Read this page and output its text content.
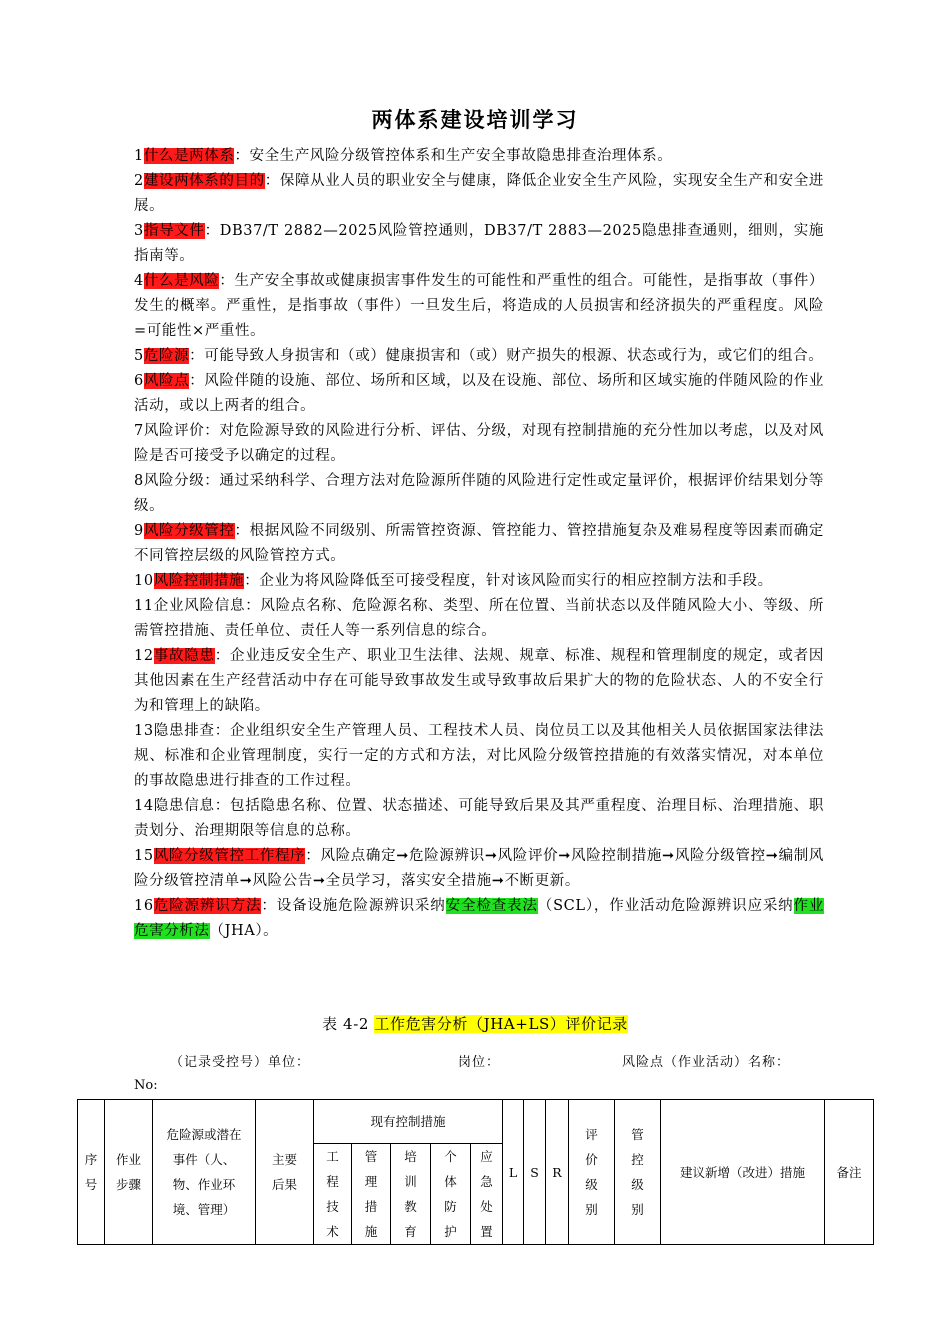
两体系建设培训学习
1什么是两体系：安全生产风险分级管控体系和生产安全事故隐患排查治理体系。
2建设两体系的目的：保障从业人员的职业安全与健康，降低企业安全生产风险，实现安全生产和安全进展。
3指导文件：DB37/T 2882—2025风险管控通则，DB37/T 2883—2025隐患排查通则，细则，实施指南等。
4什么是风险：生产安全事故或健康损害事件发生的可能性和严重性的组合。可能性，是指事故（事件）发生的概率。严重性，是指事故（事件）一旦发生后，将造成的人员损害和经济损失的严重程度。风险=可能性×严重性。
5危险源：可能导致人身损害和（或）健康损害和（或）财产损失的根源、状态或行为，或它们的组合。
6风险点：风险伴随的设施、部位、场所和区域，以及在设施、部位、场所和区域实施的伴随风险的作业活动，或以上两者的组合。
7风险评价：对危险源导致的风险进行分析、评估、分级，对现有控制措施的充分性加以考虑，以及对风险是否可接受予以确定的过程。
8风险分级：通过采纳科学、合理方法对危险源所伴随的风险进行定性或定量评价，根据评价结果划分等级。
9风险分级管控：根据风险不同级别、所需管控资源、管控能力、管控措施复杂及难易程度等因素而确定不同管控层级的风险管控方式。
10风险控制措施：企业为将风险降低至可接受程度，针对该风险而实行的相应控制方法和手段。
11企业风险信息：风险点名称、危险源名称、类型、所在位置、当前状态以及伴随风险大小、等级、所需管控措施、责任单位、责任人等一系列信息的综合。
12事故隐患：企业违反安全生产、职业卫生法律、法规、规章、标准、规程和管理制度的规定，或者因其他因素在生产经营活动中存在可能导致事故发生或导致事故后果扩大的物的危险状态、人的不安全行为和管理上的缺陷。
13隐患排查：企业组织安全生产管理人员、工程技术人员、岗位员工以及其他相关人员依据国家法律法规、标准和企业管理制度，实行一定的方式和方法，对比风险分级管控措施的有效落实情况，对本单位的事故隐患进行排查的工作过程。
14隐患信息：包括隐患名称、位置、状态描述、可能导致后果及其严重程度、治理目标、治理措施、职责划分、治理期限等信息的总称。
15风险分级管控工作程序：风险点确定➞危险源辨识➞风险评价➞风险控制措施➞风险分级管控➞编制风险分级管控清单➞风险公告➞全员学习，落实安全措施➞不断更新。
16危险源辨识方法：设备设施危险源辨识采纳安全检查表法（SCL），作业活动危险源辨识应采纳作业危害分析法（JHA）。
表 4-2 工作危害分析（JHA+LS）评价记录
（记录受控号）单位：	岗位：	风险点（作业活动）名称：
No:
序号	作业步骤	危险源或潜在事件（人、物、作业环境、管理）	主要后果	现有控制措施					L	S	R	评价级别	管控级别	建议新增（改进）措施	备注

				工程技术	管理措施	培训教育	个体防护	应急处置							
